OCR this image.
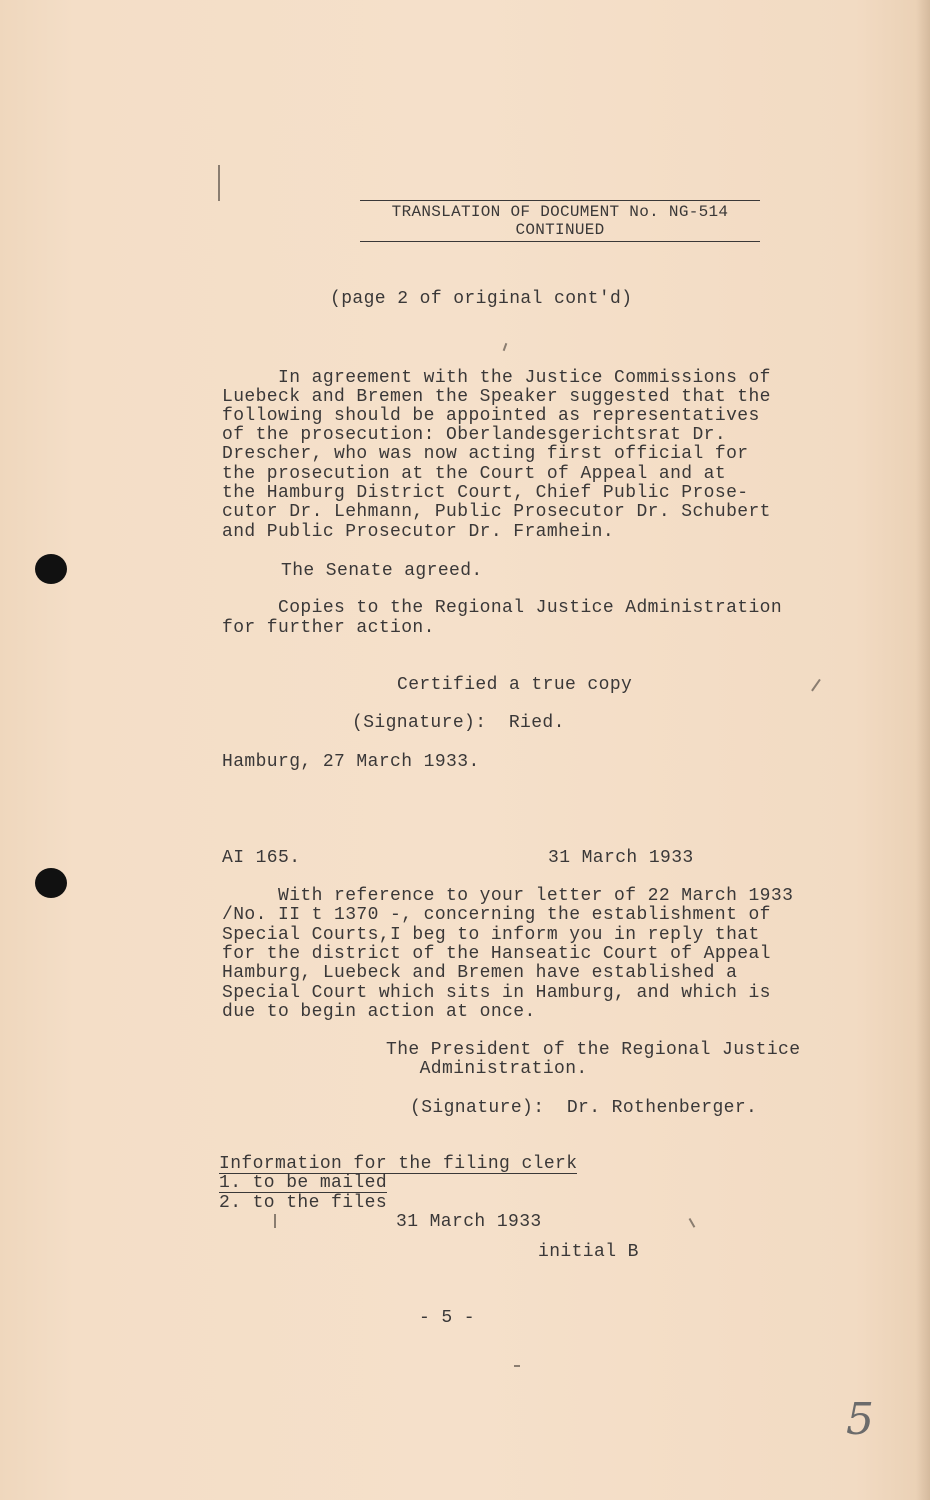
TRANSLATION OF DOCUMENT No. NG-514
CONTINUED
(page 2 of original cont'd)
In agreement with the Justice Commissions of
Luebeck and Bremen the Speaker suggested that the
following should be appointed as representatives
of the prosecution: Oberlandesgerichtsrat Dr.
Drescher, who was now acting first official for
the prosecution at the Court of Appeal and at
the Hamburg District Court, Chief Public Prose-
cutor Dr. Lehmann, Public Prosecutor Dr. Schubert
and Public Prosecutor Dr. Framhein.
The Senate agreed.
Copies to the Regional Justice Administration
for further action.
Certified a true copy
(Signature):  Ried.
Hamburg, 27 March 1933.
AI 165.	31 March 1933
With reference to your letter of 22 March 1933
/No. II t 1370 -, concerning the establishment of
Special Courts,I beg to inform you in reply that
for the district of the Hanseatic Court of Appeal
Hamburg, Luebeck and Bremen have established a
Special Court which sits in Hamburg, and which is
due to begin action at once.
The President of the Regional Justice
Administration.
(Signature):  Dr. Rothenberger.
Information for the filing clerk
1. to be mailed
2. to the files
31 March 1933
initial B
- 5 -
5
